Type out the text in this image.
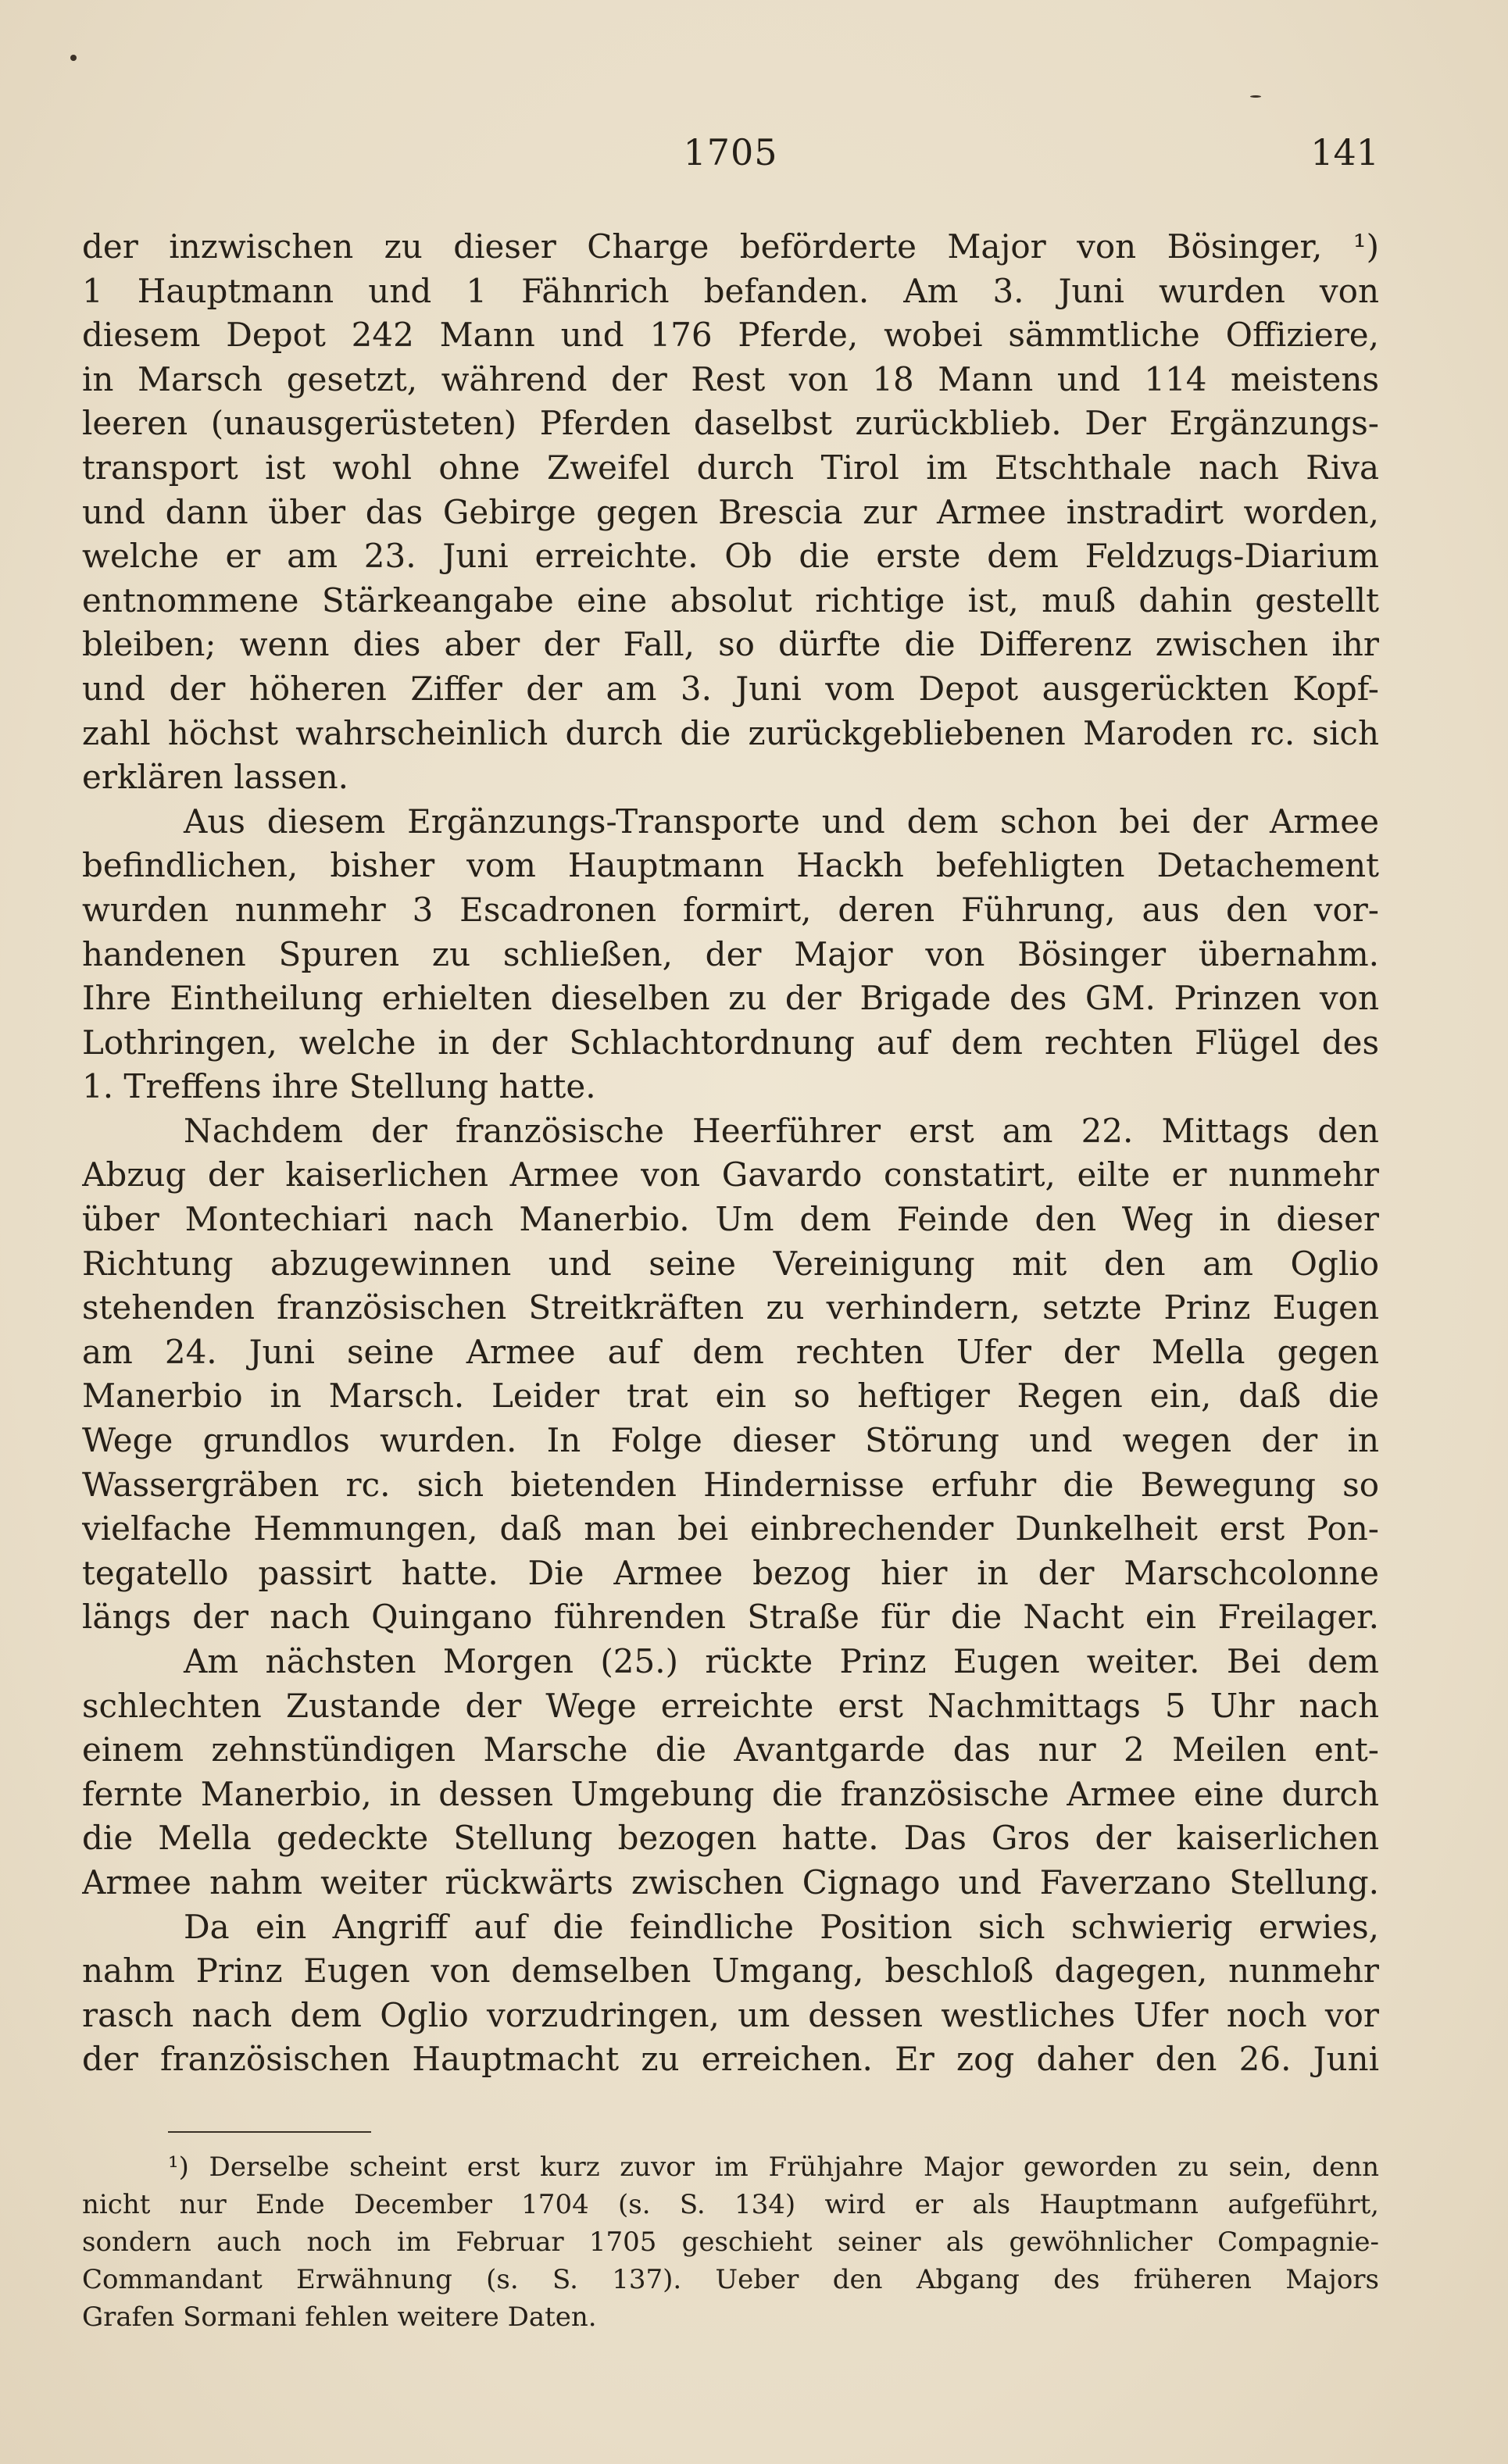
1705	141
der inzwischen zu dieser Charge beförderte Major von Bösinger, ¹)
1 Hauptmann und 1 Fähnrich befanden. Am 3. Juni wurden von
diesem Depot 242 Mann und 176 Pferde, wobei sämmtliche Offiziere,
in Marsch gesetzt, während der Rest von 18 Mann und 114 meistens
leeren (unausgerüsteten) Pferden daselbst zurückblieb. Der Ergänzungs-
transport ist wohl ohne Zweifel durch Tirol im Etschthale nach Riva
und dann über das Gebirge gegen Brescia zur Armee instradirt worden,
welche er am 23. Juni erreichte. Ob die erste dem Feldzugs-Diarium
entnommene Stärkeangabe eine absolut richtige ist, muß dahin gestellt
bleiben; wenn dies aber der Fall, so dürfte die Differenz zwischen ihr
und der höheren Ziffer der am 3. Juni vom Depot ausgerückten Kopf-
zahl höchst wahrscheinlich durch die zurückgebliebenen Maroden rc. sich
erklären lassen.
Aus diesem Ergänzungs-Transporte und dem schon bei der Armee
befindlichen, bisher vom Hauptmann Hackh befehligten Detachement
wurden nunmehr 3 Escadronen formirt, deren Führung, aus den vor-
handenen Spuren zu schließen, der Major von Bösinger übernahm.
Ihre Eintheilung erhielten dieselben zu der Brigade des GM. Prinzen von
Lothringen, welche in der Schlachtordnung auf dem rechten Flügel des
1. Treffens ihre Stellung hatte.
Nachdem der französische Heerführer erst am 22. Mittags den
Abzug der kaiserlichen Armee von Gavardo constatirt, eilte er nunmehr
über Montechiari nach Manerbio. Um dem Feinde den Weg in dieser
Richtung abzugewinnen und seine Vereinigung mit den am Oglio
stehenden französischen Streitkräften zu verhindern, setzte Prinz Eugen
am 24. Juni seine Armee auf dem rechten Ufer der Mella gegen
Manerbio in Marsch. Leider trat ein so heftiger Regen ein, daß die
Wege grundlos wurden. In Folge dieser Störung und wegen der in
Wassergräben rc. sich bietenden Hindernisse erfuhr die Bewegung so
vielfache Hemmungen, daß man bei einbrechender Dunkelheit erst Pon-
tegatello passirt hatte. Die Armee bezog hier in der Marschcolonne
längs der nach Quingano führenden Straße für die Nacht ein Freilager.
Am nächsten Morgen (25.) rückte Prinz Eugen weiter. Bei dem
schlechten Zustande der Wege erreichte erst Nachmittags 5 Uhr nach
einem zehnstündigen Marsche die Avantgarde das nur 2 Meilen ent-
fernte Manerbio, in dessen Umgebung die französische Armee eine durch
die Mella gedeckte Stellung bezogen hatte. Das Gros der kaiserlichen
Armee nahm weiter rückwärts zwischen Cignago und Faverzano Stellung.
Da ein Angriff auf die feindliche Position sich schwierig erwies,
nahm Prinz Eugen von demselben Umgang, beschloß dagegen, nunmehr
rasch nach dem Oglio vorzudringen, um dessen westliches Ufer noch vor
der französischen Hauptmacht zu erreichen. Er zog daher den 26. Juni
¹) Derselbe scheint erst kurz zuvor im Frühjahre Major geworden zu sein, denn
nicht nur Ende December 1704 (s. S. 134) wird er als Hauptmann aufgeführt,
sondern auch noch im Februar 1705 geschieht seiner als gewöhnlicher Compagnie-
Commandant Erwähnung (s. S. 137). Ueber den Abgang des früheren Majors
Grafen Sormani fehlen weitere Daten.
